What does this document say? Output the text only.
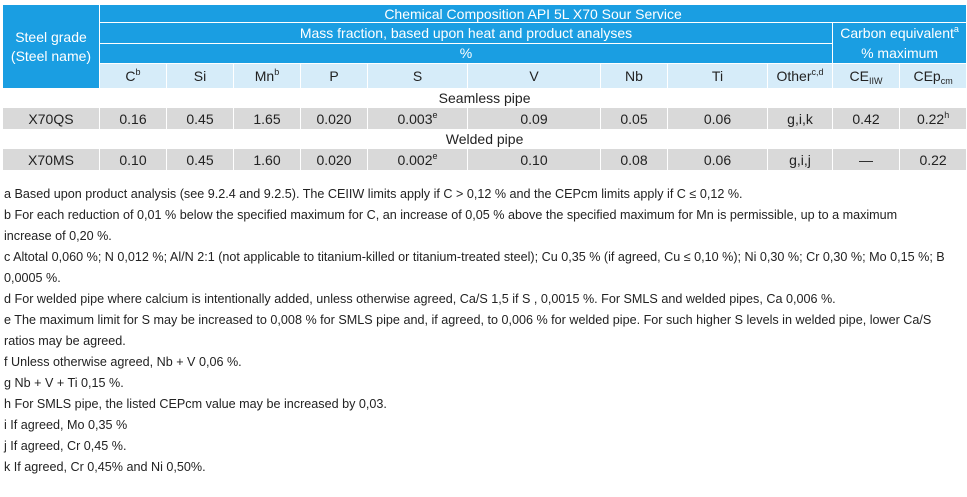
Steel grade
(Steel name)	Chemical Composition API 5L X70 Sour Service										
	Mass fraction, based upon heat and product analyses									Carbon equivalent$^a$
% maximum	
	%										
	$C^b$	Si	Mn$^b$	P	S	V	Nb	Ti	Other$^{c,d}$	$CE_{IIW}$	CEp$_{cm}$
Seamless pipe											
X70QS	0.16	0.45	1.65	0.020	0.003e	0.09	0.05	0.06	g,i,k	0.42	0.22$^h$
Welded pipe											
X70MS	0.10	0.45	1.60	0.020	0.002e	0.10	0.08	0.06	g,i,j	—	0.22

a Based upon product analysis (see 9.2.4 and 9.2.5). The CEIIW limits apply if C > 0,12 % and the CEPcm limits apply if C ≤ 0,12 %.

b For each reduction of 0,01 % below the specified maximum for C, an increase of 0,05 % above the specified maximum for Mn is permissible, up to a maximum increase of 0,20 %.

c Altotal 0,060 %; N 0,012 %; Al/N 2:1 (not applicable to titanium-killed or titanium-treated steel); Cu 0,35 % (if agreed, Cu ≤ 0,10 %); Ni 0,30 %; Cr 0,30 %; Mo 0,15 %; B 0,0005 %.

d For welded pipe where calcium is intentionally added, unless otherwise agreed, Ca/S 1,5 if S , 0,0015 %. For SMLS and welded pipes, Ca 0,006 %.

e The maximum limit for S may be increased to 0,008 % for SMLS pipe and, if agreed, to 0,006 % for welded pipe. For such higher S levels in welded pipe, lower Ca/S ratios may be agreed.

f Unless otherwise agreed, Nb + V 0,06 %.

g Nb + V + Ti 0,15 %.

h For SMLS pipe, the listed CEPcm value may be increased by 0,03.

i If agreed, Mo 0,35 %

j If agreed, Cr 0,45 %.

k If agreed, Cr 0,45% and Ni 0,50%.
